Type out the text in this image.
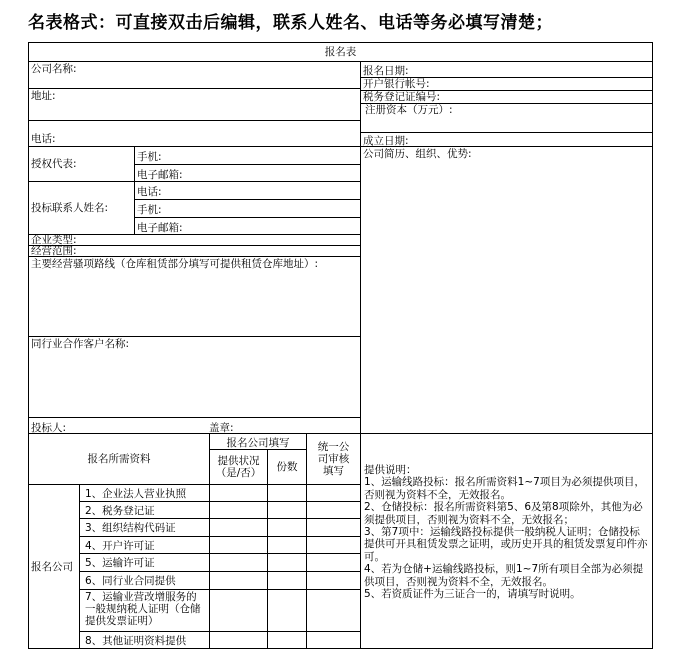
名表格式：可直接双击后编辑，联系人姓名、电话等务必填写清楚；
报名表
公司名称:
地址:
电话:
授权代表:
手机:
电子邮箱:
投标联系人姓名:
电话:
手机:
电子邮箱:
企业类型:
经营范围:
主要经营骚项路线（仓库租赁部分填写可提供租赁仓库地址）:
同行业合作客户名称:
投标人:	盖章:
报名日期:
开户银行帐号:
税务登记证编号:
注册资本（万元）:
成立日期:
公司简历、组织、优势:
报名所需资料
报名公司填写
提供状况（是/否）	份数
统一公司审核填写
报名公司
1、企业法人营业执照
2、税务登记证
3、组织结构代码证
4、开户许可证
5、运输许可证
6、同行业合同提供
7、运输业营改增服务的一般规纳税人证明（仓储提供发票证明）
8、其他证明资料提供
提供说明：
1、运输线路投标：报名所需资料1~7项目为必须提供项目，否则视为资料不全，无效报名。
2、仓储投标：报名所需资料第5、6及第8项除外，其他为必须提供项目，否则视为资料不全，无效报名；
3、第7项中：运输线路投标提供一般纳税人证明；仓储投标提供可开具租赁发票之证明，或历史开具的租赁发票复印件亦可。
4、若为仓储+运输线路投标，则1~7所有项目全部为必须提供项目，否则视为资料不全，无效报名。
5、若资质证件为三证合一的，请填写时说明。
